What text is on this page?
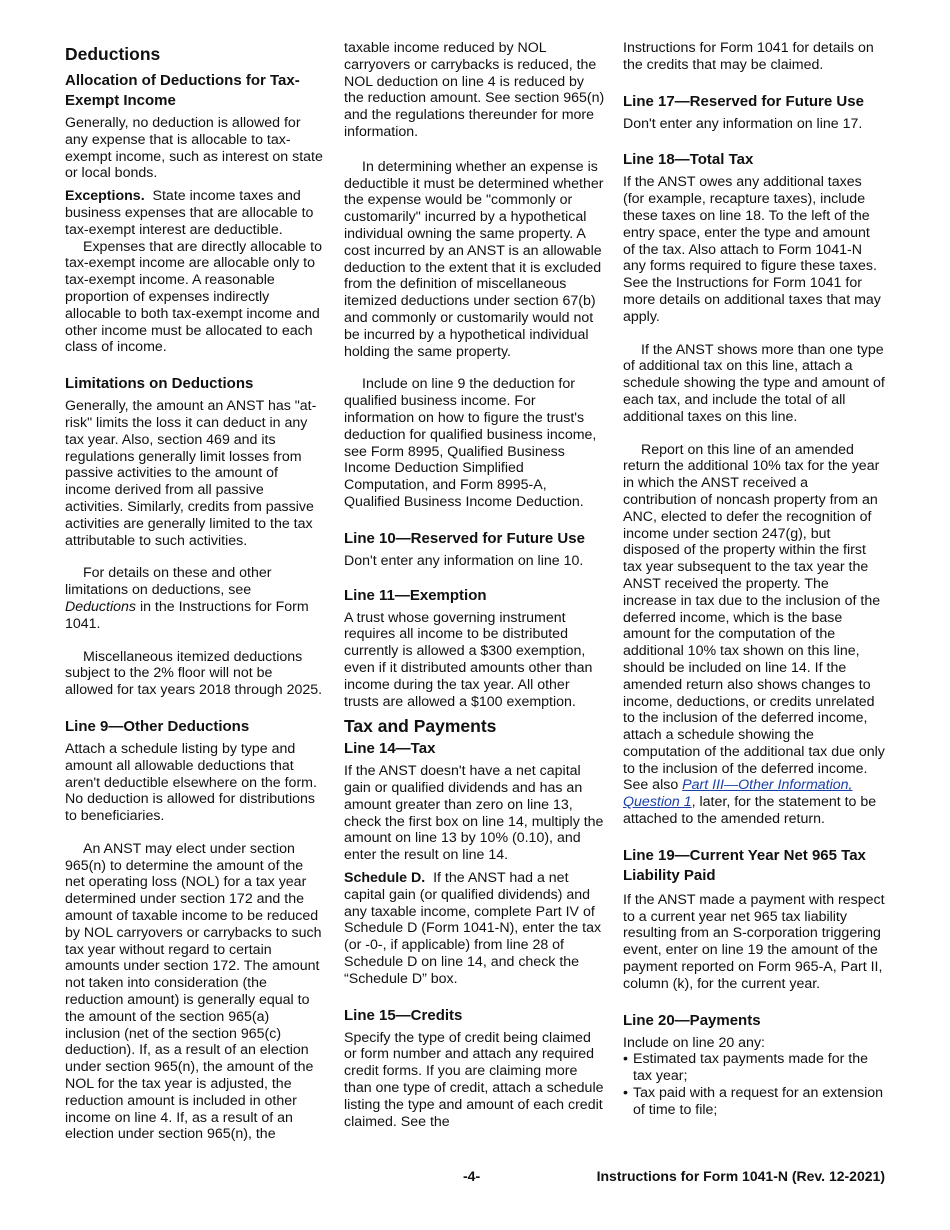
Deductions
Allocation of Deductions for Tax-Exempt Income

Generally, no deduction is allowed for any expense that is allocable to tax-exempt income, such as interest on state or local bonds.

Exceptions. State income taxes and business expenses that are allocable to tax-exempt interest are deductible.

Expenses that are directly allocable to tax-exempt income are allocable only to tax-exempt income. A reasonable proportion of expenses indirectly allocable to both tax-exempt income and other income must be allocated to each class of income.

Limitations on Deductions

Generally, the amount an ANST has "at-risk" limits the loss it can deduct in any tax year. Also, section 469 and its regulations generally limit losses from passive activities to the amount of income derived from all passive activities. Similarly, credits from passive activities are generally limited to the tax attributable to such activities.

For details on these and other limitations on deductions, see Deductions in the Instructions for Form 1041.

Miscellaneous itemized deductions subject to the 2% floor will not be allowed for tax years 2018 through 2025.

Line 9—Other Deductions

Attach a schedule listing by type and amount all allowable deductions that aren't deductible elsewhere on the form. No deduction is allowed for distributions to beneficiaries.

An ANST may elect under section 965(n) to determine the amount of the net operating loss (NOL) for a tax year determined under section 172 and the amount of taxable income to be reduced by NOL carryovers or carrybacks to such tax year without regard to certain amounts under section 172. The amount not taken into consideration (the reduction amount) is generally equal to the amount of the section 965(a) inclusion (net of the section 965(c) deduction). If, as a result of an election under section 965(n), the amount of the NOL for the tax year is adjusted, the reduction amount is included in other income on line 4. If, as a result of an election under section 965(n), the

taxable income reduced by NOL carryovers or carrybacks is reduced, the NOL deduction on line 4 is reduced by the reduction amount. See section 965(n) and the regulations thereunder for more information.

In determining whether an expense is deductible it must be determined whether the expense would be "commonly or customarily" incurred by a hypothetical individual owning the same property. A cost incurred by an ANST is an allowable deduction to the extent that it is excluded from the definition of miscellaneous itemized deductions under section 67(b) and commonly or customarily would not be incurred by a hypothetical individual holding the same property.

Include on line 9 the deduction for qualified business income. For information on how to figure the trust's deduction for qualified business income, see Form 8995, Qualified Business Income Deduction Simplified Computation, and Form 8995-A, Qualified Business Income Deduction.

Line 10—Reserved for Future Use

Don't enter any information on line 10.

Line 11—Exemption

A trust whose governing instrument requires all income to be distributed currently is allowed a $300 exemption, even if it distributed amounts other than income during the tax year. All other trusts are allowed a $100 exemption.

Tax and Payments
Line 14—Tax

If the ANST doesn't have a net capital gain or qualified dividends and has an amount greater than zero on line 13, check the first box on line 14, multiply the amount on line 13 by 10% (0.10), and enter the result on line 14.

Schedule D. If the ANST had a net capital gain (or qualified dividends) and any taxable income, complete Part IV of Schedule D (Form 1041-N), enter the tax (or -0-, if applicable) from line 28 of Schedule D on line 14, and check the “Schedule D” box.

Line 15—Credits

Specify the type of credit being claimed or form number and attach any required credit forms. If you are claiming more than one type of credit, attach a schedule listing the type and amount of each credit claimed. See the

Instructions for Form 1041 for details on the credits that may be claimed.

Line 17—Reserved for Future Use

Don't enter any information on line 17.

Line 18—Total Tax

If the ANST owes any additional taxes (for example, recapture taxes), include these taxes on line 18. To the left of the entry space, enter the type and amount of the tax. Also attach to Form 1041-N any forms required to figure these taxes. See the Instructions for Form 1041 for more details on additional taxes that may apply.

If the ANST shows more than one type of additional tax on this line, attach a schedule showing the type and amount of each tax, and include the total of all additional taxes on this line.

Report on this line of an amended return the additional 10% tax for the year in which the ANST received a contribution of noncash property from an ANC, elected to defer the recognition of income under section 247(g), but disposed of the property within the first tax year subsequent to the tax year the ANST received the property. The increase in tax due to the inclusion of the deferred income, which is the base amount for the computation of the additional 10% tax shown on this line, should be included on line 14. If the amended return also shows changes to income, deductions, or credits unrelated to the inclusion of the deferred income, attach a schedule showing the computation of the additional tax due only to the inclusion of the deferred income. See also Part III—Other Information, Question 1, later, for the statement to be attached to the amended return.

Line 19—Current Year Net 965 Tax Liability Paid

If the ANST made a payment with respect to a current year net 965 tax liability resulting from an S-corporation triggering event, enter on line 19 the amount of the payment reported on Form 965-A, Part II, column (k), for the current year.

Line 20—Payments

Include on line 20 any:

• Estimated tax payments made for the tax year;

• Tax paid with a request for an extension of time to file;

-4-	Instructions for Form 1041-N (Rev. 12-2021)
